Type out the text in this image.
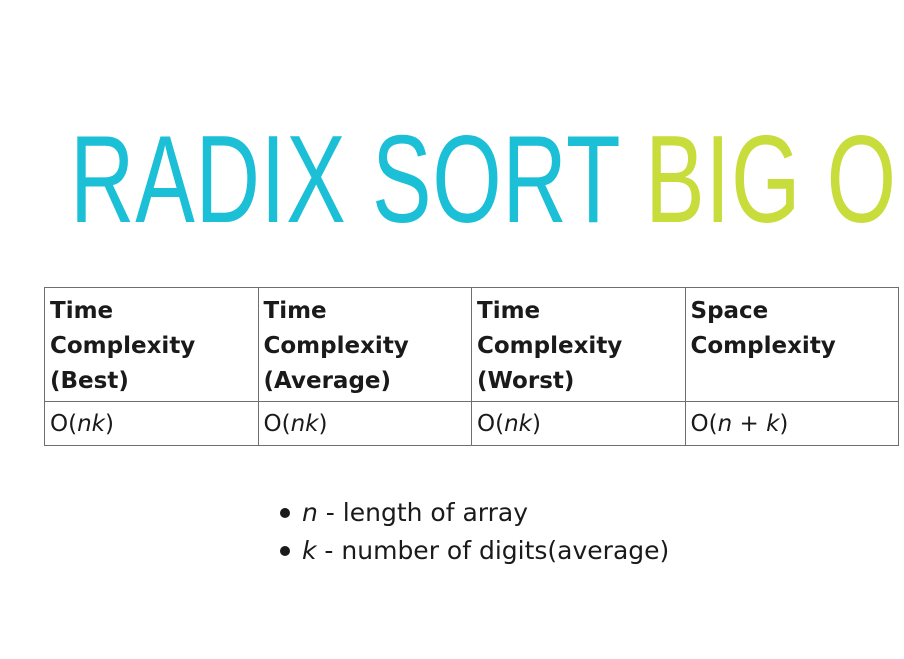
RADIX SORT BIG O
Time
Complexity
(Best)	Time
Complexity
(Average)	Time
Complexity
(Worst)	Space
Complexity
O(nk)	O(nk)	O(nk)	O(n + k)
n - length of array
k - number of digits(average)
